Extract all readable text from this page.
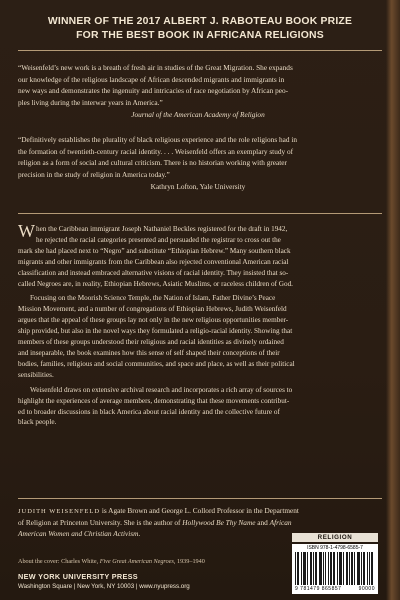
WINNER OF THE 2017 ALBERT J. RABOTEAU BOOK PRIZE
FOR THE BEST BOOK IN AFRICANA RELIGIONS
“Weisenfeld’s new work is a breath of fresh air in studies of the Great Migration. She expands
our knowledge of the religious landscape of African descended migrants and immigrants in
new ways and demonstrates the ingenuity and intricacies of race negotiation by African peo-
ples living during the interwar years in America.”
Journal of the American Academy of Religion
“Definitively establishes the plurality of black religious experience and the role religions had in
the formation of twentieth-century racial identity. . . . Weisenfeld offers an exemplary study of
religion as a form of social and cultural criticism. There is no historian working with greater
precision in the study of religion in America today.”
Kathryn Lofton, Yale University

When the Caribbean immigrant Joseph Nathaniel Beckles registered for the draft in 1942,
he rejected the racial categories presented and persuaded the registrar to cross out the
mark she had placed next to “Negro” and substitute “Ethiopian Hebrew.” Many southern black
migrants and other immigrants from the Caribbean also rejected conventional American racial
classification and instead embraced alternative visions of racial identity. They insisted that so-
called Negroes are, in reality, Ethiopian Hebrews, Asiatic Muslims, or raceless children of God.

Focusing on the Moorish Science Temple, the Nation of Islam, Father Divine’s Peace
Mission Movement, and a number of congregations of Ethiopian Hebrews, Judith Weisenfeld
argues that the appeal of these groups lay not only in the new religious opportunities member-
ship provided, but also in the novel ways they formulated a religio-racial identity. Showing that
members of these groups understood their religious and racial identities as divinely ordained
and inseparable, the book examines how this sense of self shaped their conceptions of their
bodies, families, religious and social communities, and space and place, as well as their political
sensibilities.

Weisenfeld draws on extensive archival research and incorporates a rich array of sources to
highlight the experiences of average members, demonstrating that these movements contribut-
ed to broader discussions in black America about racial identity and the collective future of
black people.

JUDITH WEISENFELD is Agate Brown and George L. Collord Professor in the Department
of Religion at Princeton University. She is the author of Hollywood Be Thy Name and African
American Women and Christian Activism.
About the cover: Charles White, Five Great American Negroes, 1939–1940
NEW YORK UNIVERSITY PRESS
Washington Square | New York, NY 10003 | www.nyupress.org
RELIGION
ISBN 978-1-4798-6585-7
9 781479 865857	90000
